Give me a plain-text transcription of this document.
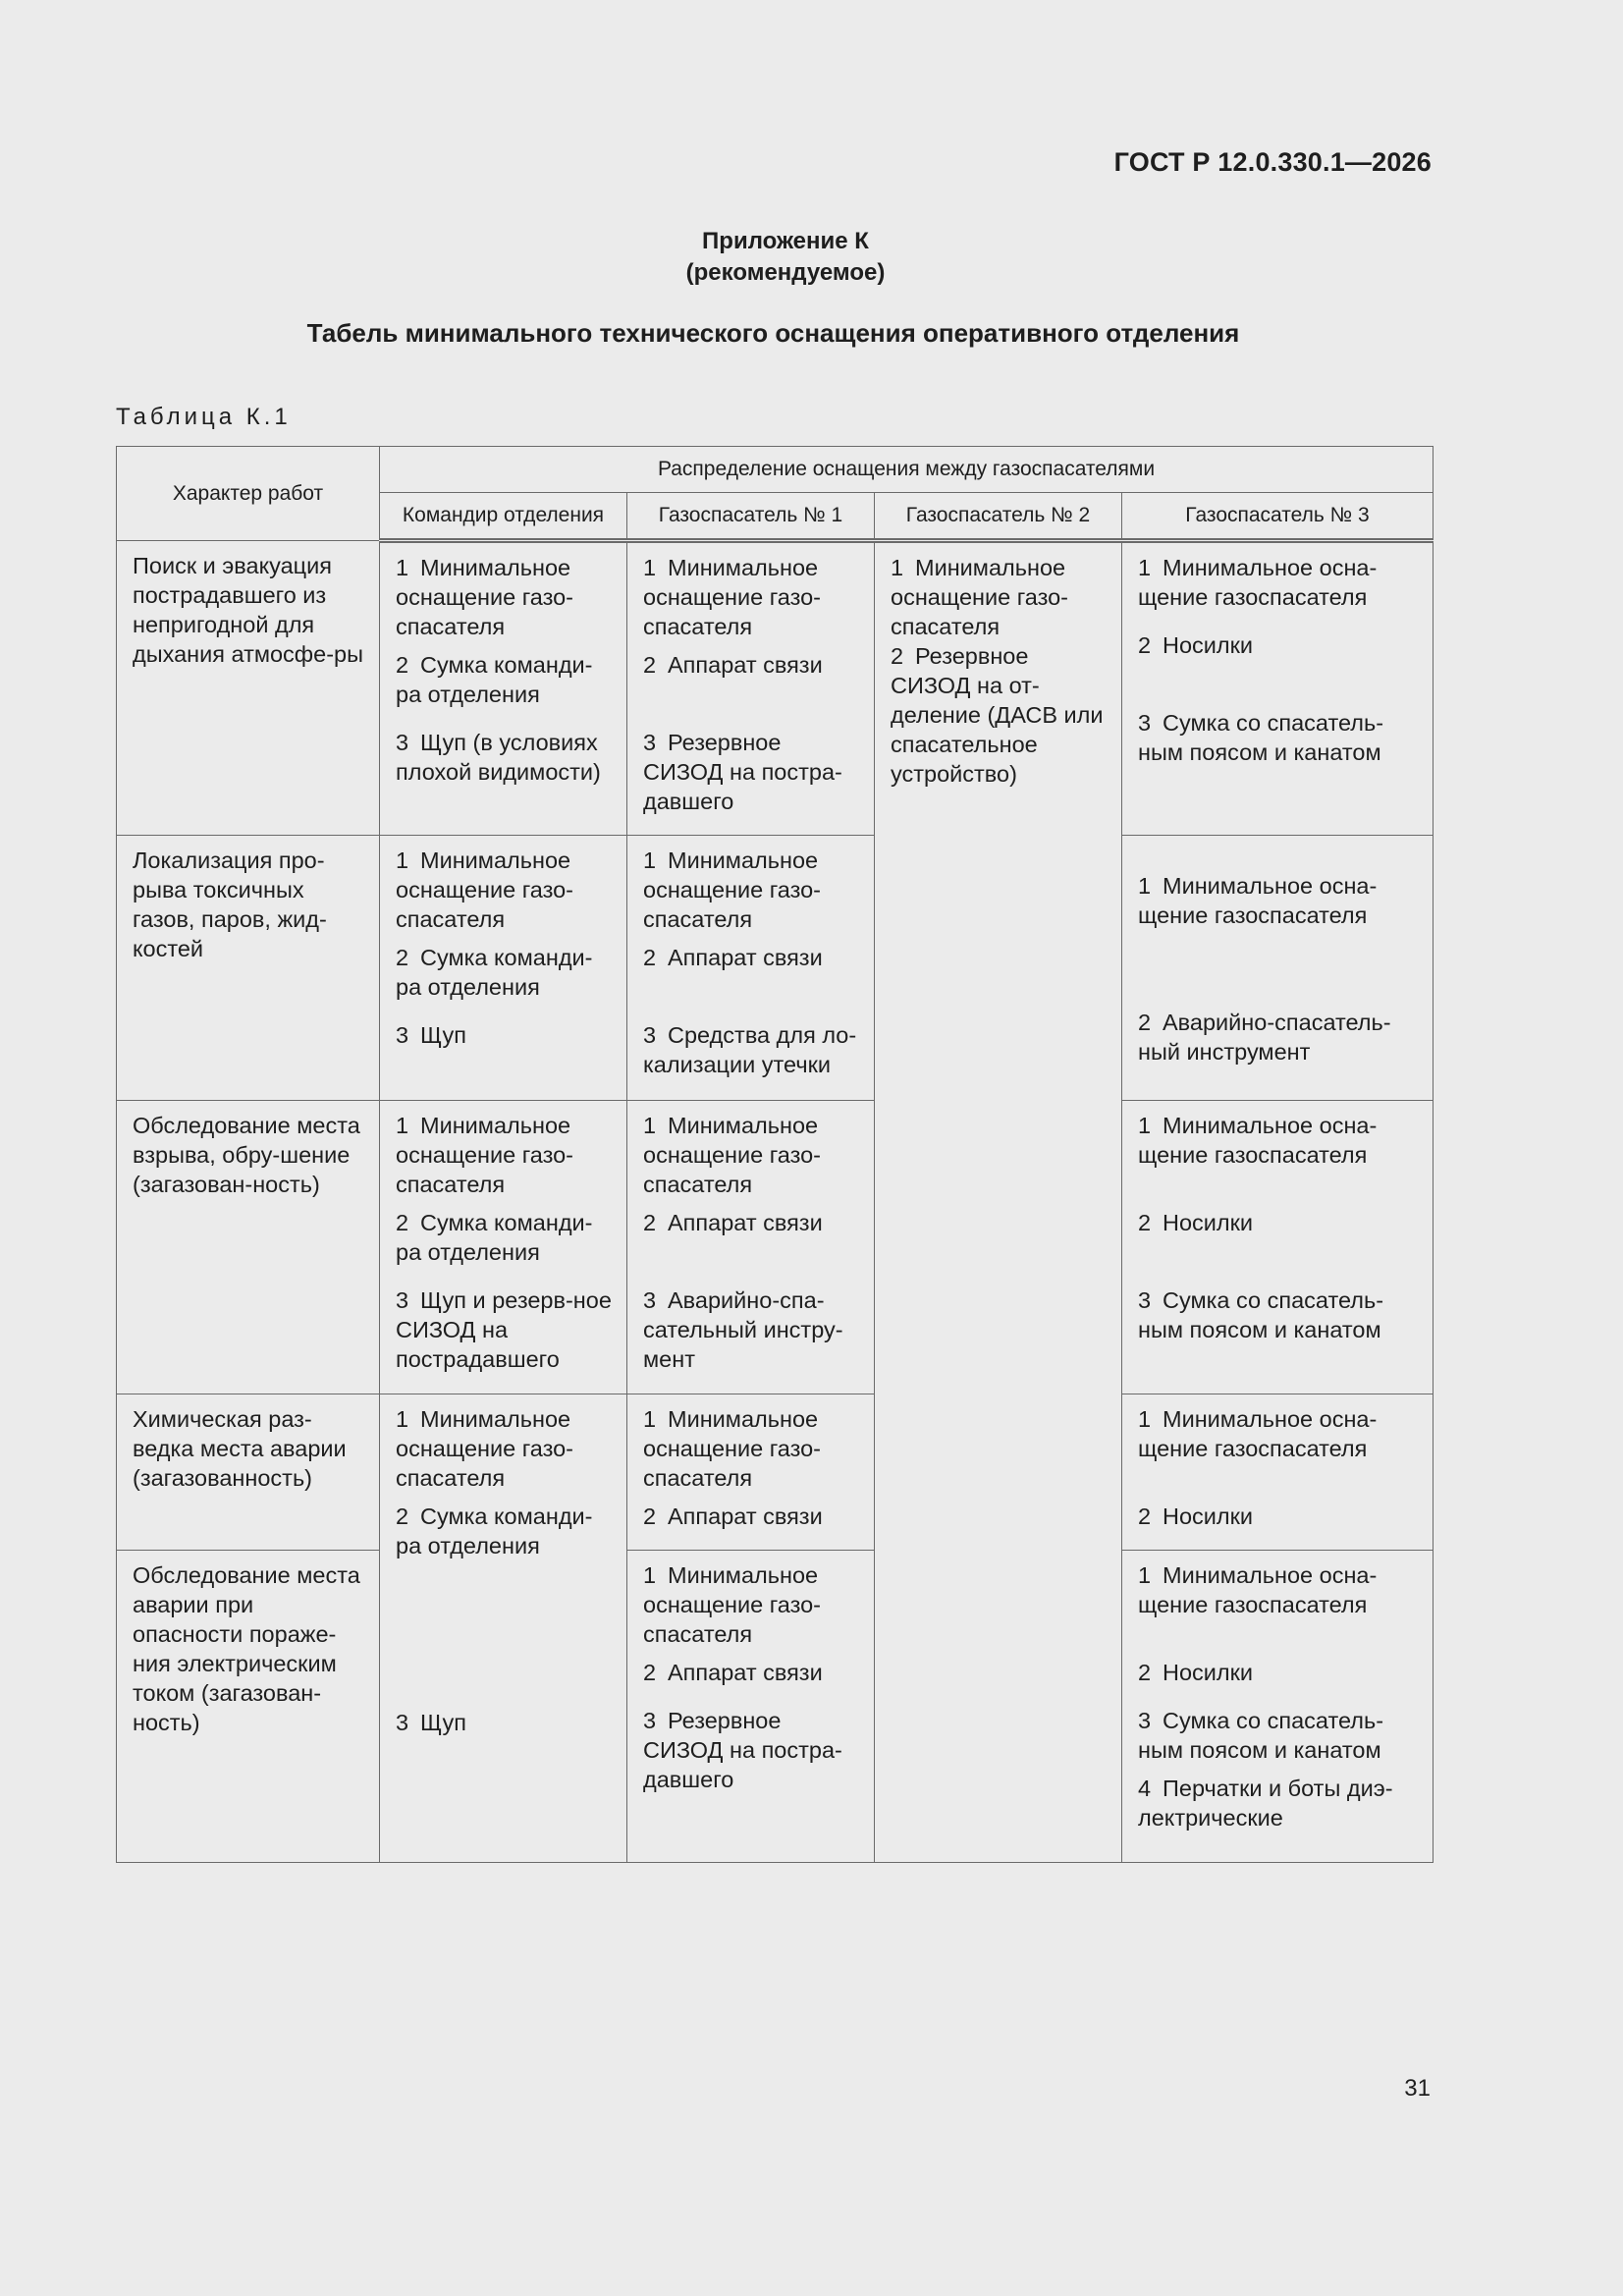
ГОСТ Р 12.0.330.1—2026
Приложение К
(рекомендуемое)
Табель минимального технического оснащения оперативного отделения
Таблица К.1
Характер работ	Распределение оснащения между газоспасателями			
	Командир отделения	Газоспасатель № 1	Газоспасатель № 2	Газоспасатель № 3
Поиск и эвакуация пострадавшего из непригодной для дыхания атмосфе-ры	1 Минимальное оснащение газо-спасателя
2 Сумка команди-ра отделения
3 Щуп (в условиях плохой видимости)	1 Минимальное оснащение газо-спасателя
2 Аппарат связи
3 Резервное СИЗОД на постра-давшего	1 Минимальное оснащение газо-спасателя
2 Резервное СИЗОД на от-деление (ДАСВ или спасательное устройство)	1 Минимальное осна-щение газоспасателя
2 Носилки
3 Сумка со спасатель-ным поясом и канатом

Локализация про-рыва токсичных газов, паров, жид-костей	1 Минимальное оснащение газо-спасателя
2 Сумка команди-ра отделения
3 Щуп	1 Минимальное оснащение газо-спасателя
2 Аппарат связи
3 Средства для ло-кализации утечки		1 Минимальное осна-щение газоспасателя
2 Аварийно-спасатель-ный инструмент

Обследование места взрыва, обру-шение (загазован-ность)	1 Минимальное оснащение газо-спасателя
2 Сумка команди-ра отделения
3 Щуп и резерв-ное СИЗОД на пострадавшего	1 Минимальное оснащение газо-спасателя
2 Аппарат связи
3 Аварийно-спа-сательный инстру-мент		1 Минимальное осна-щение газоспасателя
2 Носилки
3 Сумка со спасатель-ным поясом и канатом

Химическая раз-ведка места аварии (загазованность)	1 Минимальное оснащение газо-спасателя
2 Сумка команди-ра отделения
3 Щуп	1 Минимальное оснащение газо-спасателя
2 Аппарат связи		1 Минимальное осна-щение газоспасателя
2 Носилки

Обследование места аварии при опасности пораже-ния электрическим током (загазован-ность)		1 Минимальное оснащение газо-спасателя
2 Аппарат связи
3 Резервное СИЗОД на постра-давшего		1 Минимальное осна-щение газоспасателя
2 Носилки
3 Сумка со спасатель-ным поясом и канатом
4 Перчатки и боты диэ-лектрические
31
